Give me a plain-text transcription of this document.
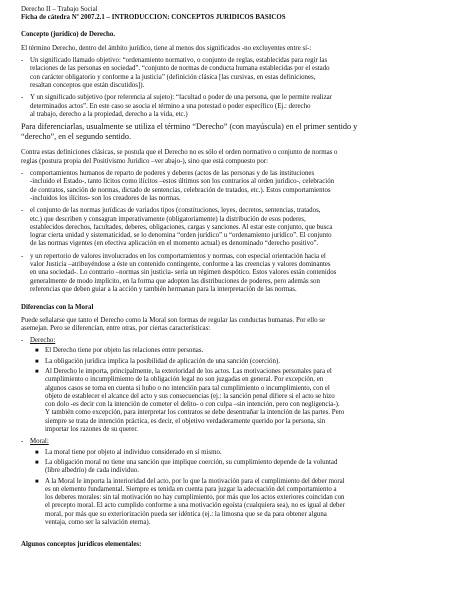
Derecho II – Trabajo Social
Ficha de cátedra Nº 2007.2.1 – INTRODUCCIÓN: CONCEPTOS JURÍDICOS BÁSICOS
Concepto (jurídico) de Derecho.
El término Derecho, dentro del ámbito jurídico, tiene al menos dos significados -no excluyentes entre sí-:
- Un significado llamado objetivo: “ordenamiento normativo, o conjunto de reglas, establecidas para regir las
relaciones de las personas en sociedad”. “conjunto de normas de conducta humana establecidas por el estado
con carácter obligatorio y conforme a la justicia” (definición clásica [las cursivas, en estas definiciones,
resaltan conceptos que están discutidos]).
- Y un significado subjetivo (por referencia al sujeto): “facultad o poder de una persona, que le permite realizar
determinados actos”. En este caso se asocia el término a una potestad o poder específico (Ej.: derecho
al trabajo, derecho a la propiedad, derecho a la vida, etc.)
Para diferenciarlas, usualmente se utiliza el término “Derecho” (con mayúscula) en el primer sentido y
“derecho”, en el segundo sentido.
Contra estas definiciones clásicas, se postula que el Derecho no es sólo el orden normativo o conjunto de normas o
reglas (postura propia del Positivismo Jurídico –ver abajo-), sino que está compuesto por:
- comportamientos humanos de reparto de poderes y deberes (actos de las personas y de las instituciones
-incluido el Estado-, tanto lícitos como ilícitos –estos últimos son los contrarios al orden jurídico-, celebración
de contratos, sanción de normas, dictado de sentencias, celebración de tratados, etc.). Estos comportamientos
-incluidos los ilícitos- son los creadores de las normas.
- el conjunto de las normas jurídicas de variados tipos (constituciones, leyes, decretos, sentencias, tratados,
etc.) que describen y consagran imperativamente (obligatoriamente) la distribución de esos poderes,
establecidos derechos, facultades, deberes, obligaciones, cargas y sanciones. Al estar este conjunto, que busca
lograr cierta unidad y sistematicidad, se lo denomina “orden jurídico” u “ordenamiento jurídico”. El conjunto
de las normas vigentes (en efectiva aplicación en el momento actual) es denominado “derecho positivo”.
- y un repertorio de valores involucrados en los comportamientos y normas, con especial orientación hacia el
valor Justicia –atribuyéndose a éste un contenido contingente, conforme a las creencias y valores dominantes
en una sociedad-. Lo contrario –normas sin justicia- sería un régimen despótico. Estos valores están contenidos
generalmente de modo implícito, en la forma que adopten las distribuciones de poderes, pero además son
referencias que deben guiar a la acción y también hermanan para la interpretación de las normas.
Diferencias con la Moral
Puede señalarse que tanto el Derecho como la Moral son formas de regular las conductas humanas. Por ello se
asemejan. Pero se diferencian, entre otras, por ciertas características:
- Derecho:
■ El Derecho tiene por objeto las relaciones entre personas.
■ La obligación jurídica implica la posibilidad de aplicación de una sanción (coerción).
■ Al Derecho le importa, principalmente, la exterioridad de los actos. Las motivaciones personales para el
cumplimiento o incumplimiento de la obligación legal no son juzgadas en general. Por excepción, en
algunos casos se toma en cuenta si hubo o no intención para tal cumplimiento o incumplimiento, con el
objeto de establecer el alcance del acto y sus consecuencias (ej.: la sanción penal difiere si el acto se hizo
con dolo -es decir con la intención de cometer el delito- o con culpa –sin intención, pero con negligencia-).
Y también como excepción, para interpretar los contratos se debe desentrañar la intención de las partes. Pero
siempre se trata de intención práctica, es decir, el objetivo verdaderamente querido por la persona, sin
importar los razones de su querer.
- Moral:
■ La moral tiene por objeto al individuo considerado en sí mismo.
■ La obligación moral no tiene una sanción que implique coerción, su cumplimiento depende de la voluntad
(libre albedrío) de cada individuo.
■ A la Moral le importa la interioridad del acto, por lo que la motivación para el cumplimiento del deber moral
es un elemento fundamental. Siempre es tenida en cuenta para juzgar la adecuación del comportamiento a
los deberes morales: sin tal motivación no hay cumplimiento, por más que los actos exteriores coincidan con
el precepto moral. El acto cumplido conforme a una motivación egoísta (cualquiera sea), no es igual al deber
moral, por más que su exteriorización pueda ser idéntica (ej.: la limosna que se da para obtener alguna
ventaja, como ser la salvación eterna).
Algunos conceptos jurídicos elementales:
